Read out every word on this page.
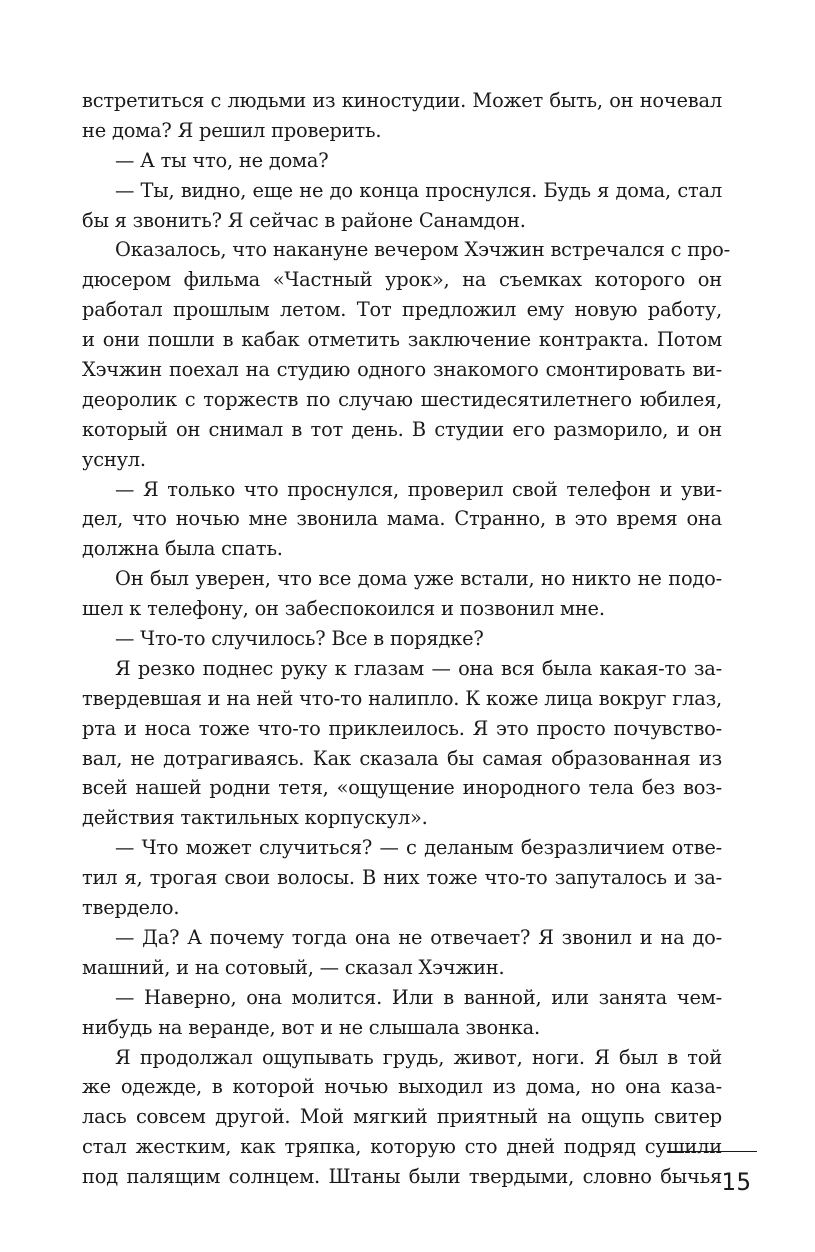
встретиться с людьми из киностудии. Может быть, он ночевал
не дома? Я решил проверить.

— А ты что, не дома?

— Ты, видно, еще не до конца проснулся. Будь я дома, стал
бы я звонить? Я сейчас в районе Санамдон.

Оказалось, что накануне вечером Хэчжин встречался с про-
дюсером фильма «Частный урок», на съемках которого он
работал прошлым летом. Тот предложил ему новую работу,
и они пошли в кабак отметить заключение контракта. Потом
Хэчжин поехал на студию одного знакомого смонтировать ви-
деоролик с торжеств по случаю шестидесятилетнего юбилея,
который он снимал в тот день. В студии его разморило, и он
уснул.

— Я только что проснулся, проверил свой телефон и уви-
дел, что ночью мне звонила мама. Странно, в это время она
должна была спать.

Он был уверен, что все дома уже встали, но никто не подо-
шел к телефону, он забеспокоился и позвонил мне.

— Что-то случилось? Все в порядке?

Я резко поднес руку к глазам — она вся была какая-то за-
твердевшая и на ней что-то налипло. К коже лица вокруг глаз,
рта и носа тоже что-то приклеилось. Я это просто почувство-
вал, не дотрагиваясь. Как сказала бы самая образованная из
всей нашей родни тетя, «ощущение инородного тела без воз-
действия тактильных корпускул».

— Что может случиться? — с деланым безразличием отве-
тил я, трогая свои волосы. В них тоже что-то запуталось и за-
твердело.

— Да? А почему тогда она не отвечает? Я звонил и на до-
машний, и на сотовый, — сказал Хэчжин.

— Наверно, она молится. Или в ванной, или занята чем-
нибудь на веранде, вот и не слышала звонка.

Я продолжал ощупывать грудь, живот, ноги. Я был в той
же одежде, в которой ночью выходил из дома, но она каза-
лась совсем другой. Мой мягкий приятный на ощупь свитер
стал жестким, как тряпка, которую сто дней подряд сушили
под палящим солнцем. Штаны были твердыми, словно бычья 15
